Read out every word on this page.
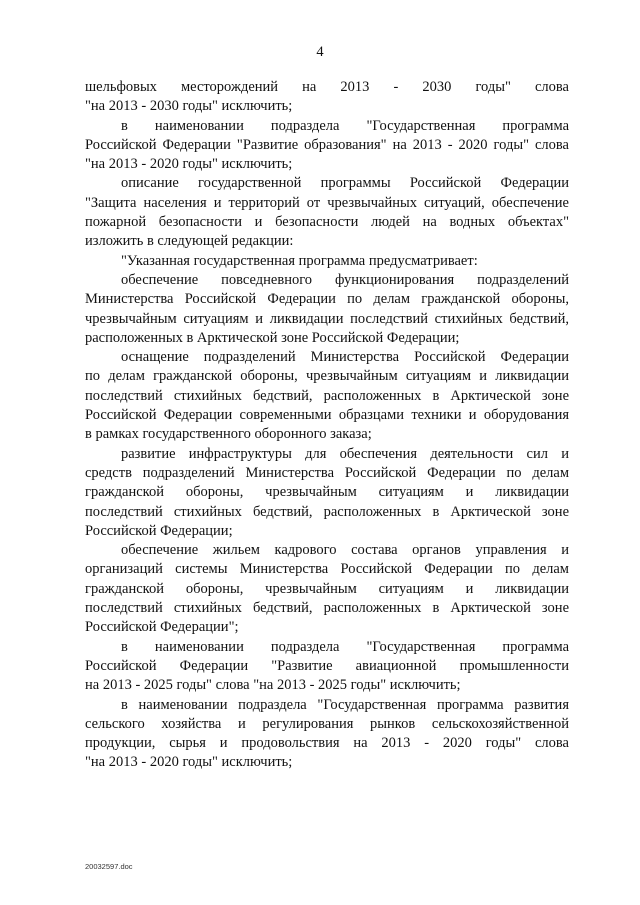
4
шельфовых месторождений на 2013 - 2030 годы" слова
"на 2013 - 2030 годы" исключить;
в наименовании подраздела "Государственная программа
Российской Федерации "Развитие образования" на 2013 - 2020 годы" слова
"на 2013 - 2020 годы" исключить;
описание государственной программы Российской Федерации
"Защита населения и территорий от чрезвычайных ситуаций, обеспечение
пожарной безопасности и безопасности людей на водных объектах"
изложить в следующей редакции:
"Указанная государственная программа предусматривает:
обеспечение повседневного функционирования подразделений
Министерства Российской Федерации по делам гражданской обороны,
чрезвычайным ситуациям и ликвидации последствий стихийных бедствий,
расположенных в Арктической зоне Российской Федерации;
оснащение подразделений Министерства Российской Федерации
по делам гражданской обороны, чрезвычайным ситуациям и ликвидации
последствий стихийных бедствий, расположенных в Арктической зоне
Российской Федерации современными образцами техники и оборудования
в рамках государственного оборонного заказа;
развитие инфраструктуры для обеспечения деятельности сил и
средств подразделений Министерства Российской Федерации по делам
гражданской обороны, чрезвычайным ситуациям и ликвидации
последствий стихийных бедствий, расположенных в Арктической зоне
Российской Федерации;
обеспечение жильем кадрового состава органов управления и
организаций системы Министерства Российской Федерации по делам
гражданской обороны, чрезвычайным ситуациям и ликвидации
последствий стихийных бедствий, расположенных в Арктической зоне
Российской Федерации";
в наименовании подраздела "Государственная программа
Российской Федерации "Развитие авиационной промышленности
на 2013 - 2025 годы" слова "на 2013 - 2025 годы" исключить;
в наименовании подраздела "Государственная программа развития
сельского хозяйства и регулирования рынков сельскохозяйственной
продукции, сырья и продовольствия на 2013 - 2020 годы" слова
"на 2013 - 2020 годы" исключить;
20032597.doc
